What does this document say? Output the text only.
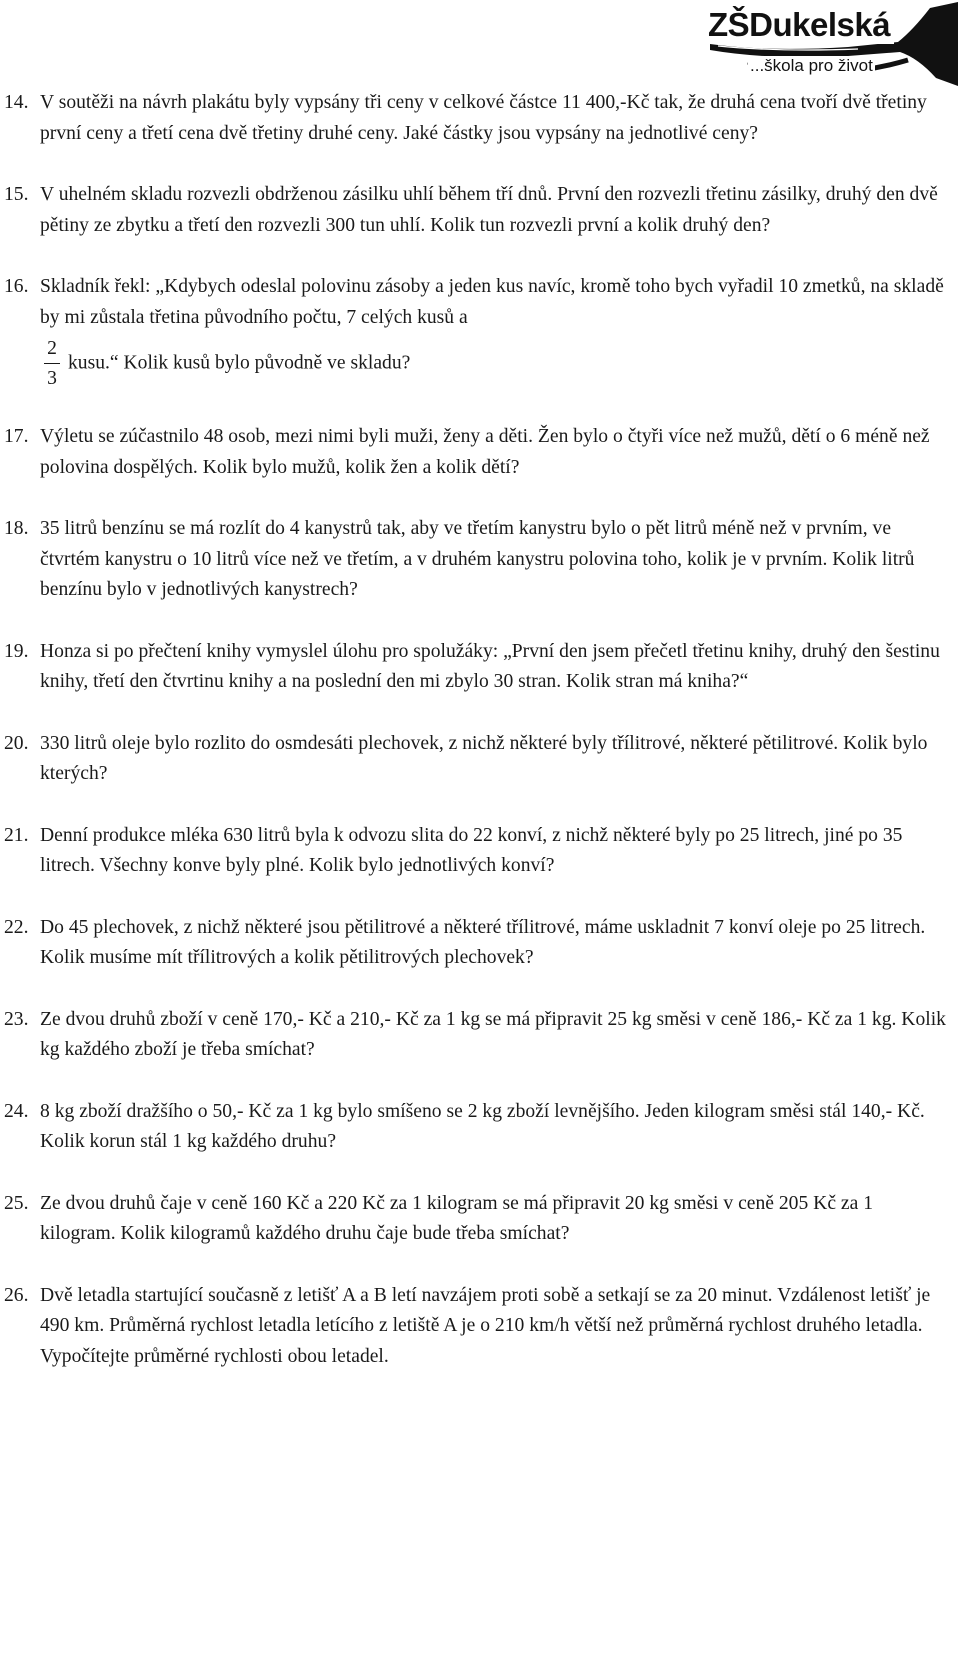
ZŠDukelská
...škola pro život
14. V soutěži na návrh plakátu byly vypsány tři ceny v celkové částce 11 400,-Kč tak, že druhá cena tvoří dvě třetiny první ceny a třetí cena dvě třetiny druhé ceny. Jaké částky jsou vypsány na jednotlivé ceny?
15. V uhelném skladu rozvezli obdrženou zásilku uhlí během tří dnů. První den rozvezli třetinu zásilky, druhý den dvě pětiny ze zbytku a třetí den rozvezli 300 tun uhlí. Kolik tun rozvezli první a kolik druhý den?
16. Skladník řekl: „Kdybych odeslal polovinu zásoby a jeden kus navíc, kromě toho bych vyřadil 10 zmetků, na skladě by mi zůstala třetina původního počtu, 7 celých kusů a
$\frac{2}{3}$ kusu.“ Kolik kusů bylo původně ve skladu?
17. Výletu se zúčastnilo 48 osob, mezi nimi byli muži, ženy a děti. Žen bylo o čtyři více než mužů, dětí o 6 méně než polovina dospělých. Kolik bylo mužů, kolik žen a kolik dětí?
18. 35 litrů benzínu se má rozlít do 4 kanystrů tak, aby ve třetím kanystru bylo o pět litrů méně než v prvním, ve čtvrtém kanystru o 10 litrů více než ve třetím, a v druhém kanystru polovina toho, kolik je v prvním. Kolik litrů benzínu bylo v jednotlivých kanystrech?
19. Honza si po přečtení knihy vymyslel úlohu pro spolužáky: „První den jsem přečetl třetinu knihy, druhý den šestinu knihy, třetí den čtvrtinu knihy a na poslední den mi zbylo 30 stran. Kolik stran má kniha?“
20. 330 litrů oleje bylo rozlito do osmdesáti plechovek, z nichž některé byly třílitrové, některé pětilitrové. Kolik bylo kterých?
21. Denní produkce mléka 630 litrů byla k odvozu slita do 22 konví, z nichž některé byly po 25 litrech, jiné po 35 litrech. Všechny konve byly plné. Kolik bylo jednotlivých konví?
22. Do 45 plechovek, z nichž některé jsou pětilitrové a některé třílitrové, máme uskladnit 7 konví oleje po 25 litrech. Kolik musíme mít třílitrových a kolik pětilitrových plechovek?
23. Ze dvou druhů zboží v ceně 170,- Kč a 210,- Kč za 1 kg se má připravit 25 kg směsi v ceně 186,- Kč za 1 kg. Kolik kg každého zboží je třeba smíchat?
24. 8 kg zboží dražšího o 50,- Kč za 1 kg bylo smíšeno se 2 kg zboží levnějšího. Jeden kilogram směsi stál 140,- Kč. Kolik korun stál 1 kg každého druhu?
25. Ze dvou druhů čaje v ceně 160 Kč a 220 Kč za 1 kilogram se má připravit 20 kg směsi v ceně 205 Kč za 1 kilogram. Kolik kilogramů každého druhu čaje bude třeba smíchat?
26. Dvě letadla startující současně z letišť A a B letí navzájem proti sobě a setkají se za 20 minut. Vzdálenost letišť je 490 km. Průměrná rychlost letadla letícího z letiště A je o 210 km/h větší než průměrná rychlost druhého letadla. Vypočítejte průměrné rychlosti obou letadel.
